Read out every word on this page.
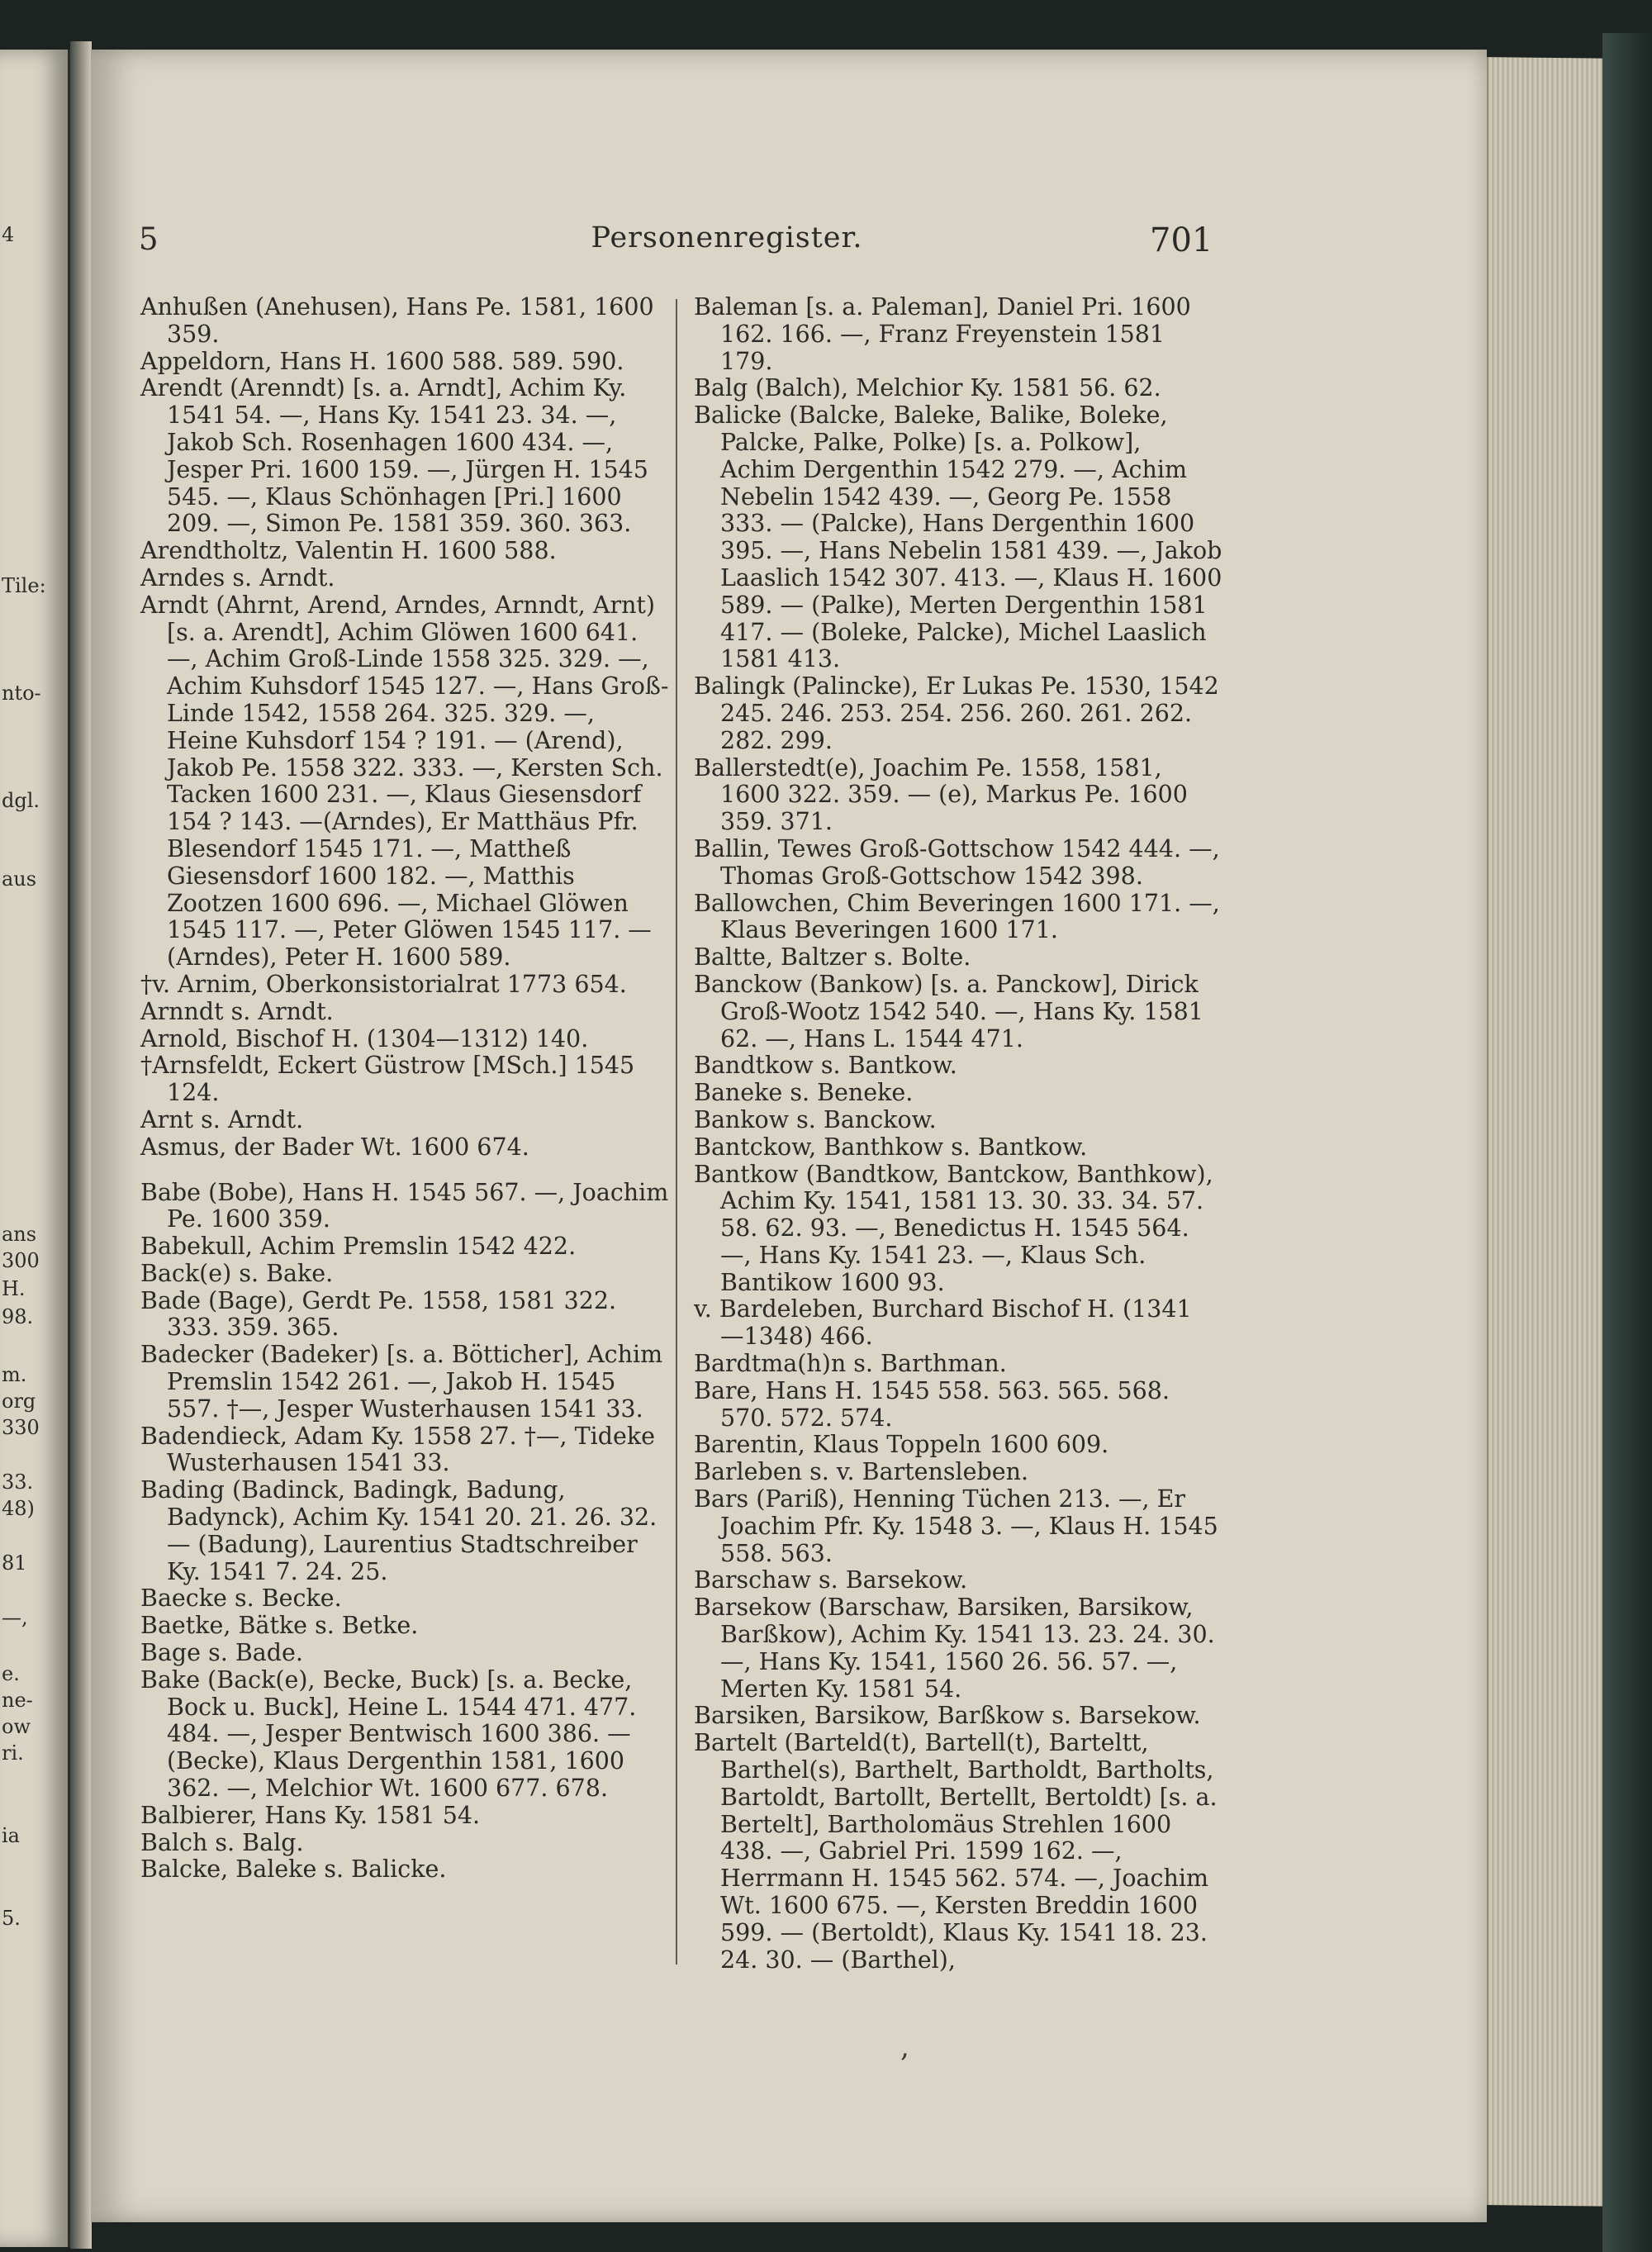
4
Tile:
nto-
dgl.
aus
ans
300
H.
98.
m.
org
330
33.
48)
81
—,
e.
ne-
ow
ri.
ia
5.
5	Personenregister.	701
Anhußen (Anehusen), Hans Pe. 1581, 1600 359.
Appeldorn, Hans H. 1600 588. 589. 590.
Arendt (Arenndt) [s. a. Arndt], Achim Ky. 1541 54. —, Hans Ky. 1541 23. 34. —, Jakob Sch. Rosenhagen 1600 434. —, Jesper Pri. 1600 159. —, Jürgen H. 1545 545. —, Klaus Schönhagen [Pri.] 1600 209. —, Simon Pe. 1581 359. 360. 363.
Arendtholtz, Valentin H. 1600 588.
Arndes s. Arndt.
Arndt (Ahrnt, Arend, Arndes, Arnndt, Arnt) [s. a. Arendt], Achim Glöwen 1600 641. —, Achim Groß-Linde 1558 325. 329. —, Achim Kuhsdorf 1545 127. —, Hans Groß-Linde 1542, 1558 264. 325. 329. —, Heine Kuhsdorf 154 ? 191. — (Arend), Jakob Pe. 1558 322. 333. —, Kersten Sch. Tacken 1600 231. —, Klaus Giesensdorf 154 ? 143. —(Arndes), Er Matthäus Pfr. Blesendorf 1545 171. —, Mattheß Giesensdorf 1600 182. —, Matthis Zootzen 1600 696. —, Michael Glöwen 1545 117. —, Peter Glöwen 1545 117. — (Arndes), Peter H. 1600 589.
†v. Arnim, Oberkonsistorialrat 1773 654.
Arnndt s. Arndt.
Arnold, Bischof H. (1304—1312) 140.
†Arnsfeldt, Eckert Güstrow [MSch.] 1545 124.
Arnt s. Arndt.
Asmus, der Bader Wt. 1600 674.
Babe (Bobe), Hans H. 1545 567. —, Joachim Pe. 1600 359.
Babekull, Achim Premslin 1542 422.
Back(e) s. Bake.
Bade (Bage), Gerdt Pe. 1558, 1581 322. 333. 359. 365.
Badecker (Badeker) [s. a. Bötticher], Achim Premslin 1542 261. —, Jakob H. 1545 557. †—, Jesper Wusterhausen 1541 33.
Badendieck, Adam Ky. 1558 27. †—, Tideke Wusterhausen 1541 33.
Bading (Badinck, Badingk, Badung, Badynck), Achim Ky. 1541 20. 21. 26. 32. — (Badung), Laurentius Stadtschreiber Ky. 1541 7. 24. 25.
Baecke s. Becke.
Baetke, Bätke s. Betke.
Bage s. Bade.
Bake (Back(e), Becke, Buck) [s. a. Becke, Bock u. Buck], Heine L. 1544 471. 477. 484. —, Jesper Bentwisch 1600 386. — (Becke), Klaus Dergenthin 1581, 1600 362. —, Melchior Wt. 1600 677. 678.
Balbierer, Hans Ky. 1581 54.
Balch s. Balg.
Balcke, Baleke s. Balicke.
Baleman [s. a. Paleman], Daniel Pri. 1600 162. 166. —, Franz Freyenstein 1581 179.
Balg (Balch), Melchior Ky. 1581 56. 62.
Balicke (Balcke, Baleke, Balike, Boleke, Palcke, Palke, Polke) [s. a. Polkow], Achim Dergenthin 1542 279. —, Achim Nebelin 1542 439. —, Georg Pe. 1558 333. — (Palcke), Hans Dergenthin 1600 395. —, Hans Nebelin 1581 439. —, Jakob Laaslich 1542 307. 413. —, Klaus H. 1600 589. — (Palke), Merten Dergenthin 1581 417. — (Boleke, Palcke), Michel Laaslich 1581 413.
Balingk (Palincke), Er Lukas Pe. 1530, 1542 245. 246. 253. 254. 256. 260. 261. 262. 282. 299.
Ballerstedt(e), Joachim Pe. 1558, 1581, 1600 322. 359. — (e), Markus Pe. 1600 359. 371.
Ballin, Tewes Groß-Gottschow 1542 444. —, Thomas Groß-Gottschow 1542 398.
Ballowchen, Chim Beveringen 1600 171. —, Klaus Beveringen 1600 171.
Baltte, Baltzer s. Bolte.
Banckow (Bankow) [s. a. Panckow], Dirick Groß-Wootz 1542 540. —, Hans Ky. 1581 62. —, Hans L. 1544 471.
Bandtkow s. Bantkow.
Baneke s. Beneke.
Bankow s. Banckow.
Bantckow, Banthkow s. Bantkow.
Bantkow (Bandtkow, Bantckow, Banthkow), Achim Ky. 1541, 1581 13. 30. 33. 34. 57. 58. 62. 93. —, Benedictus H. 1545 564. —, Hans Ky. 1541 23. —, Klaus Sch. Bantikow 1600 93.
v. Bardeleben, Burchard Bischof H. (1341 —1348) 466.
Bardtma(h)n s. Barthman.
Bare, Hans H. 1545 558. 563. 565. 568. 570. 572. 574.
Barentin, Klaus Toppeln 1600 609.
Barleben s. v. Bartensleben.
Bars (Pariß), Henning Tüchen 213. —, Er Joachim Pfr. Ky. 1548 3. —, Klaus H. 1545 558. 563.
Barschaw s. Barsekow.
Barsekow (Barschaw, Barsiken, Barsikow, Barßkow), Achim Ky. 1541 13. 23. 24. 30. —, Hans Ky. 1541, 1560 26. 56. 57. —, Merten Ky. 1581 54.
Barsiken, Barsikow, Barßkow s. Barsekow.
Bartelt (Barteld(t), Bartell(t), Barteltt, Barthel(s), Barthelt, Bartholdt, Bartholts, Bartoldt, Bartollt, Bertellt, Bertoldt) [s. a. Bertelt], Bartholomäus Strehlen 1600 438. —, Gabriel Pri. 1599 162. —, Herrmann H. 1545 562. 574. —, Joachim Wt. 1600 675. —, Kersten Breddin 1600 599. — (Bertoldt), Klaus Ky. 1541 18. 23. 24. 30. — (Barthel),
,
